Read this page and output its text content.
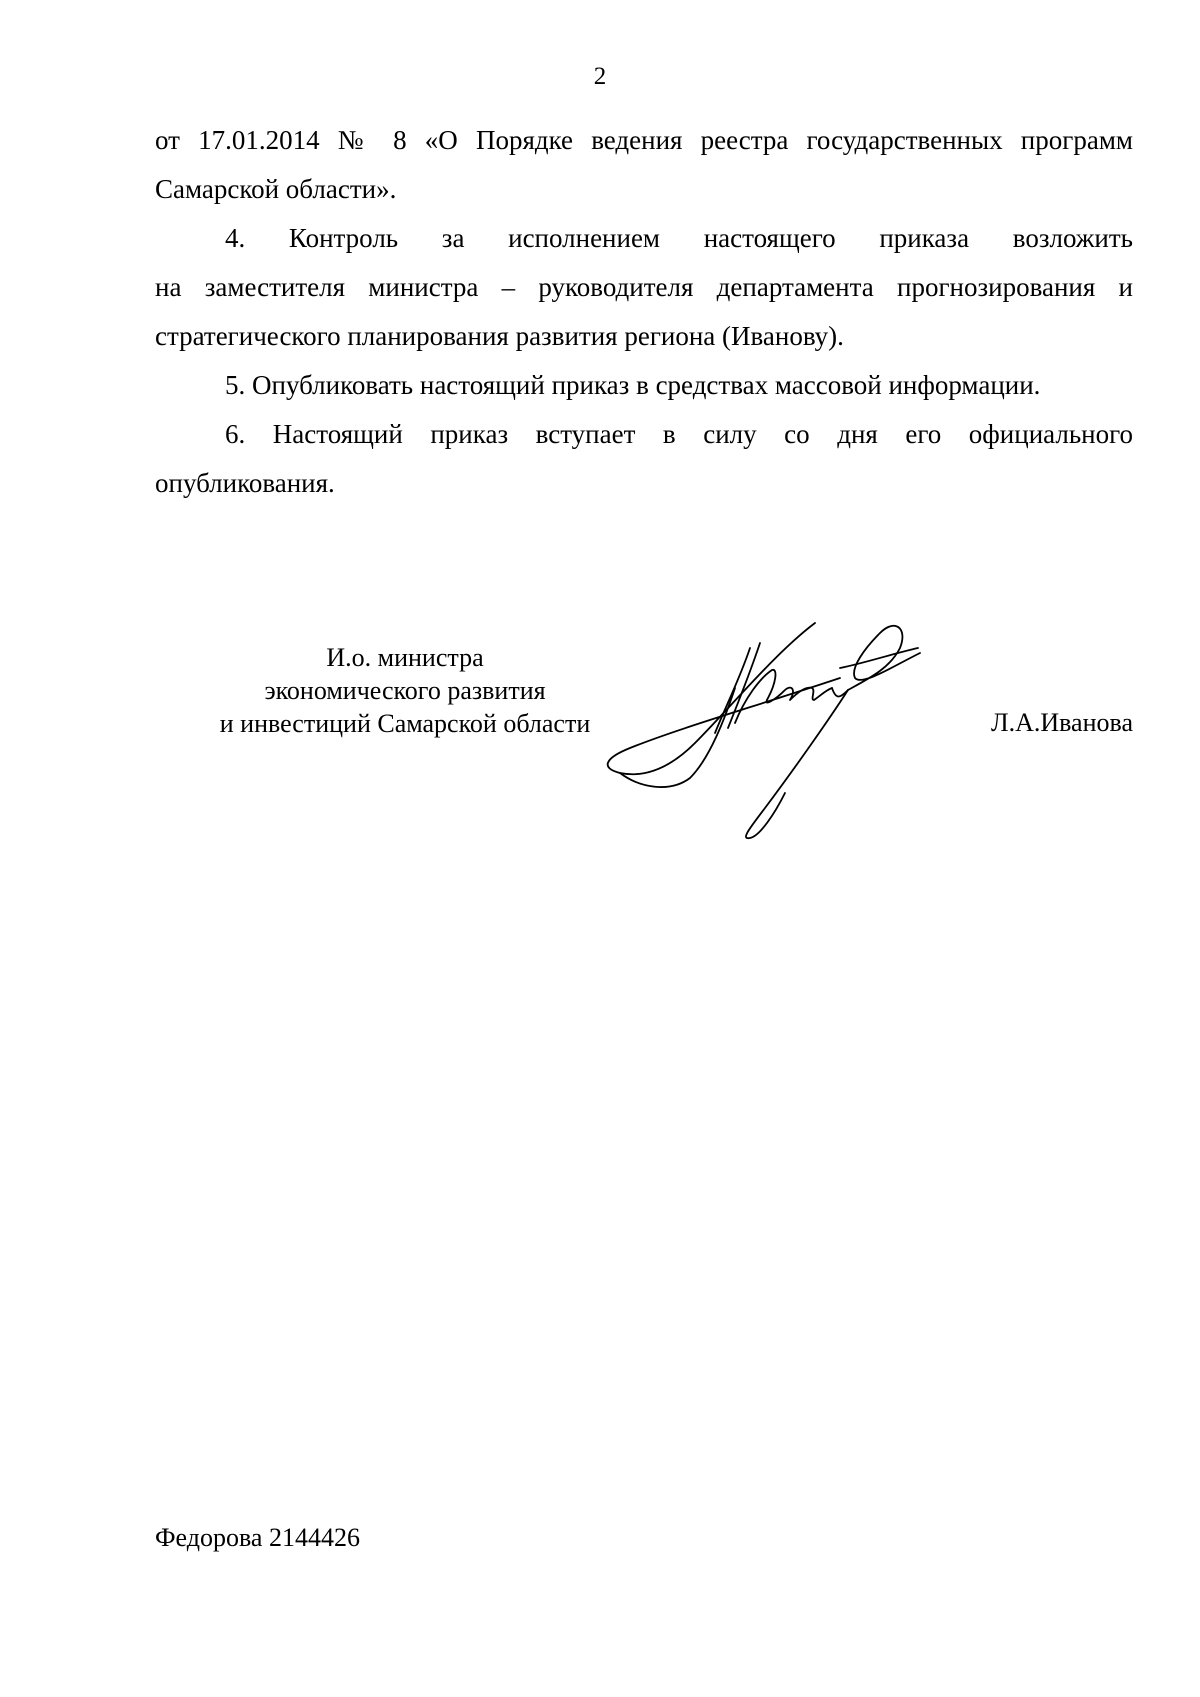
2

от 17.01.2014 № 8 «О Порядке ведения реестра государственных программ
Самарской области».

4. Контроль за исполнением настоящего приказа возложить
на заместителя министра – руководителя департамента прогнозирования и
стратегического планирования развития региона (Иванову).

5. Опубликовать настоящий приказ в средствах массовой информации.

6. Настоящий приказ вступает в силу со дня его официального
опубликования.

И.о. министра
экономического развития
и инвестиций Самарской области	Л.А.Иванова
Федорова 2144426
